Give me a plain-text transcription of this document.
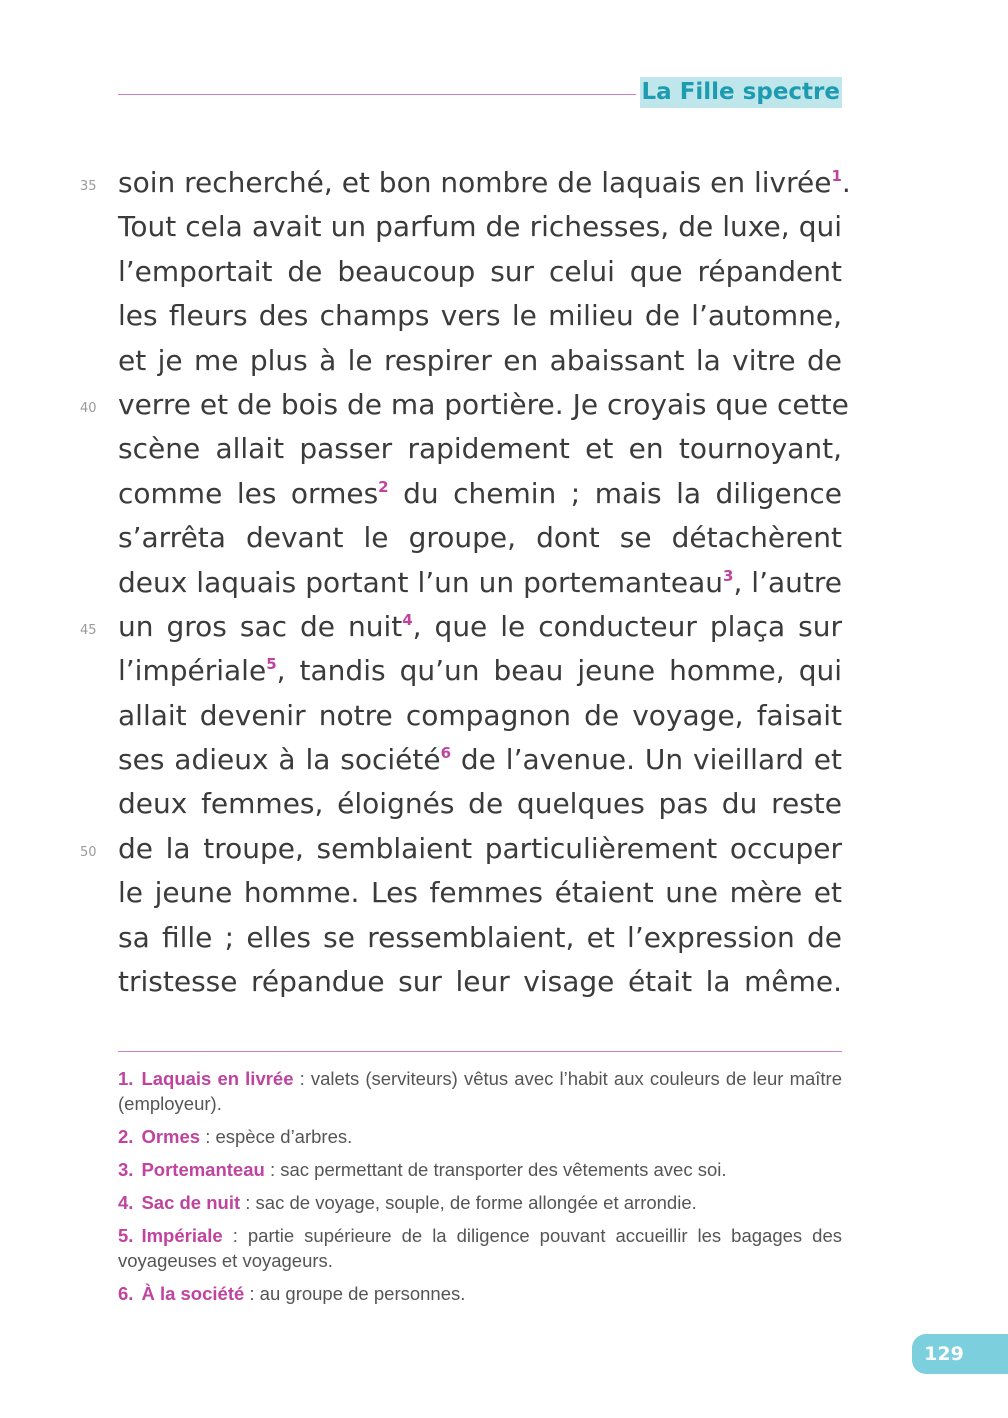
La Fille spectre
35
40
45
50
soin recherché, et bon nombre de laquais en livrée$^1$.
Tout cela avait un parfum de richesses, de luxe, qui
l’emportait de beaucoup sur celui que répandent
les fleurs des champs vers le milieu de l’automne,
et je me plus à le respirer en abaissant la vitre de
verre et de bois de ma portière. Je croyais que cette
scène allait passer rapidement et en tournoyant,
comme les ormes$^2$ du chemin ; mais la diligence
s’arrêta devant le groupe, dont se détachèrent
deux laquais portant l’un un portemanteau$^3$, l’autre
un gros sac de nuit$^4$, que le conducteur plaça sur
l’impériale$^5$, tandis qu’un beau jeune homme, qui
allait devenir notre compagnon de voyage, faisait
ses adieux à la société$^6$ de l’avenue. Un vieillard et
deux femmes, éloignés de quelques pas du reste
de la troupe, semblaient particulièrement occuper
le jeune homme. Les femmes étaient une mère et
sa fille ; elles se ressemblaient, et l’expression de
tristesse répandue sur leur visage était la même.
1. Laquais en livrée : valets (serviteurs) vêtus avec l’habit aux couleurs de leur maître (employeur).
2. Ormes : espèce d’arbres.
3. Portemanteau : sac permettant de transporter des vêtements avec soi.
4. Sac de nuit : sac de voyage, souple, de forme allongée et arrondie.
5. Impériale : partie supérieure de la diligence pouvant accueillir les bagages des voyageuses et voyageurs.
6. À la société : au groupe de personnes.
129
